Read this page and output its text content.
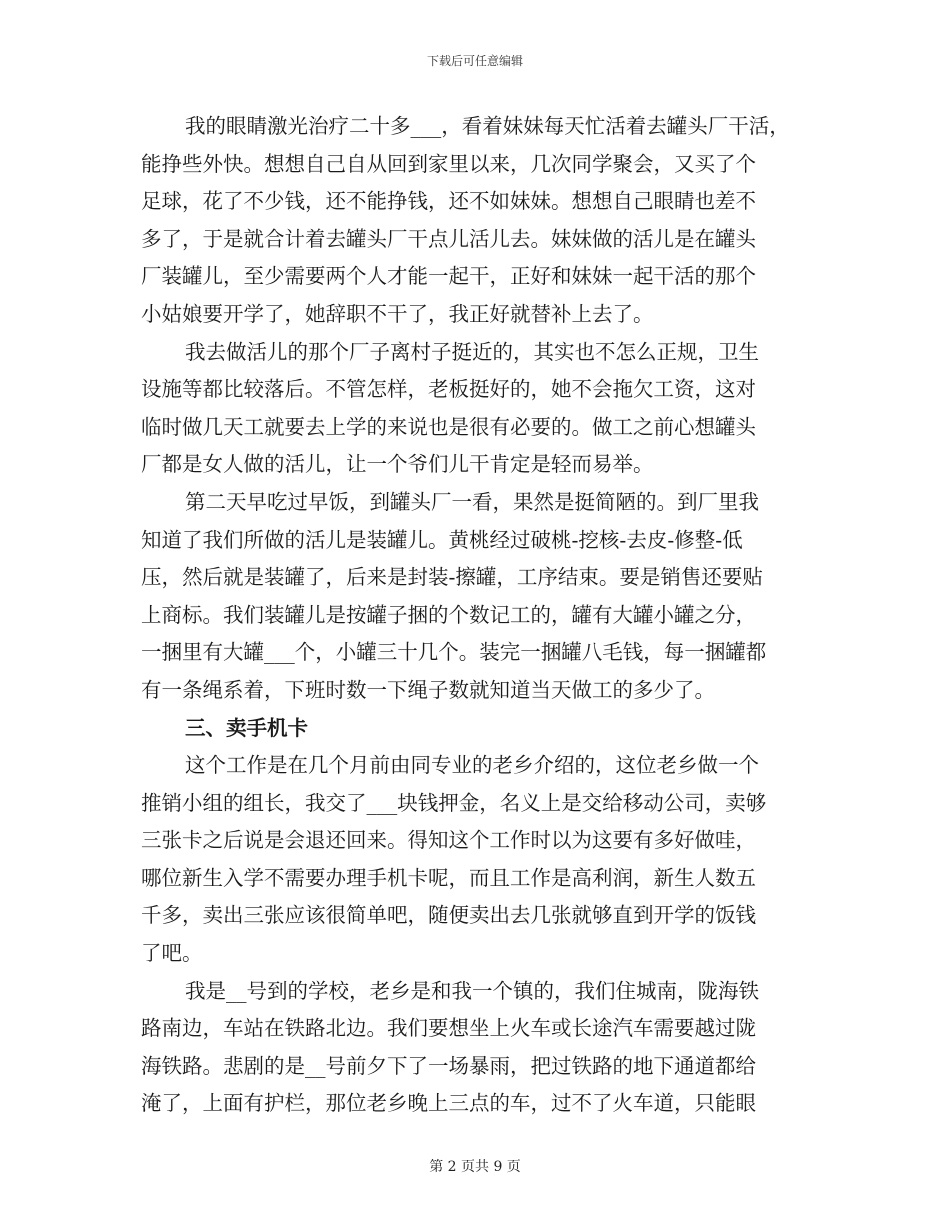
下载后可任意编辑
我的眼睛激光治疗二十多___，看着妹妹每天忙活着去罐头厂干活，
能挣些外快。想想自己自从回到家里以来，几次同学聚会，又买了个
足球，花了不少钱，还不能挣钱，还不如妹妹。想想自己眼睛也差不
多了，于是就合计着去罐头厂干点儿活儿去。妹妹做的活儿是在罐头
厂装罐儿，至少需要两个人才能一起干，正好和妹妹一起干活的那个
小姑娘要开学了，她辞职不干了，我正好就替补上去了。
我去做活儿的那个厂子离村子挺近的，其实也不怎么正规，卫生
设施等都比较落后。不管怎样，老板挺好的，她不会拖欠工资，这对
临时做几天工就要去上学的来说也是很有必要的。做工之前心想罐头
厂都是女人做的活儿，让一个爷们儿干肯定是轻而易举。
第二天早吃过早饭，到罐头厂一看，果然是挺简陋的。到厂里我
知道了我们所做的活儿是装罐儿。黄桃经过破桃-挖核-去皮-修整-低
压，然后就是装罐了，后来是封装-擦罐，工序结束。要是销售还要贴
上商标。我们装罐儿是按罐子捆的个数记工的，罐有大罐小罐之分，
一捆里有大罐___个，小罐三十几个。装完一捆罐八毛钱，每一捆罐都
有一条绳系着，下班时数一下绳子数就知道当天做工的多少了。
三、卖手机卡
这个工作是在几个月前由同专业的老乡介绍的，这位老乡做一个
推销小组的组长，我交了___块钱押金，名义上是交给移动公司，卖够
三张卡之后说是会退还回来。得知这个工作时以为这要有多好做哇，
哪位新生入学不需要办理手机卡呢，而且工作是高利润，新生人数五
千多，卖出三张应该很简单吧，随便卖出去几张就够直到开学的饭钱
了吧。
我是__号到的学校，老乡是和我一个镇的，我们住城南，陇海铁
路南边，车站在铁路北边。我们要想坐上火车或长途汽车需要越过陇
海铁路。悲剧的是__号前夕下了一场暴雨，把过铁路的地下通道都给
淹了，上面有护栏，那位老乡晚上三点的车，过不了火车道，只能眼
第 2 页共 9 页
